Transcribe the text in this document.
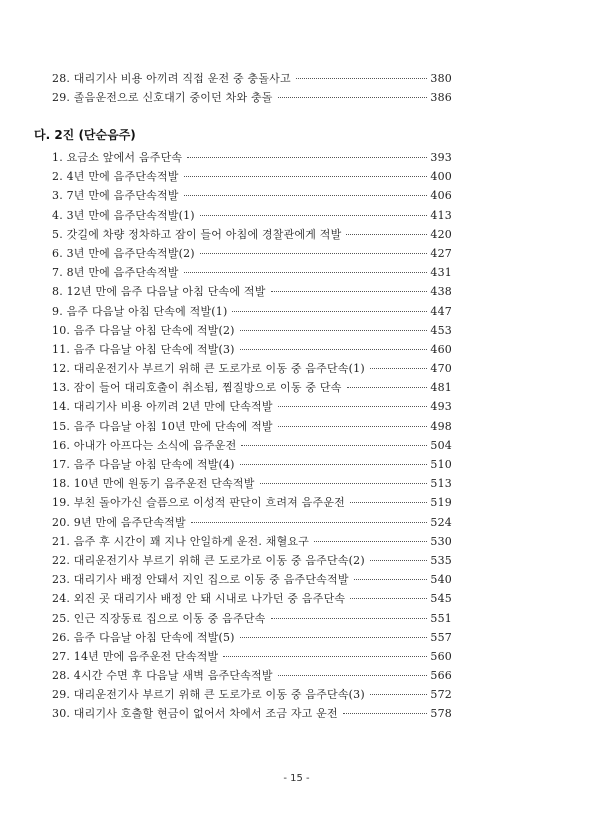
28. 대리기사 비용 아끼려 직접 운전 중 충돌사고	380
29. 졸음운전으로 신호대기 중이던 차와 충돌	386
다. 2진 (단순음주)
1. 요금소 앞에서 음주단속	393
2. 4년 만에 음주단속적발	400
3. 7년 만에 음주단속적발	406
4. 3년 만에 음주단속적발(1)	413
5. 갓길에 차량 정차하고 잠이 들어 아침에 경찰관에게 적발	420
6. 3년 만에 음주단속적발(2)	427
7. 8년 만에 음주단속적발	431
8. 12년 만에 음주 다음날 아침 단속에 적발	438
9. 음주 다음날 아침 단속에 적발(1)	447
10. 음주 다음날 아침 단속에 적발(2)	453
11. 음주 다음날 아침 단속에 적발(3)	460
12. 대리운전기사 부르기 위해 큰 도로가로 이동 중 음주단속(1)	470
13. 잠이 들어 대리호출이 취소됨, 찜질방으로 이동 중 단속	481
14. 대리기사 비용 아끼려 2년 만에 단속적발	493
15. 음주 다음날 아침 10년 만에 단속에 적발	498
16. 아내가 아프다는 소식에 음주운전	504
17. 음주 다음날 아침 단속에 적발(4)	510
18. 10년 만에 원동기 음주운전 단속적발	513
19. 부친 돌아가신 슬픔으로 이성적 판단이 흐려져 음주운전	519
20. 9년 만에 음주단속적발	524
21. 음주 후 시간이 꽤 지나 안일하게 운전. 채혈요구	530
22. 대리운전기사 부르기 위해 큰 도로가로 이동 중 음주단속(2)	535
23. 대리기사 배정 안돼서 지인 집으로 이동 중 음주단속적발	540
24. 외진 곳 대리기사 배정 안 돼 시내로 나가던 중 음주단속	545
25. 인근 직장동료 집으로 이동 중 음주단속	551
26. 음주 다음날 아침 단속에 적발(5)	557
27. 14년 만에 음주운전 단속적발	560
28. 4시간 수면 후 다음날 새벽 음주단속적발	566
29. 대리운전기사 부르기 위해 큰 도로가로 이동 중 음주단속(3)	572
30. 대리기사 호출할 현금이 없어서 차에서 조금 자고 운전	578
- 15 -
